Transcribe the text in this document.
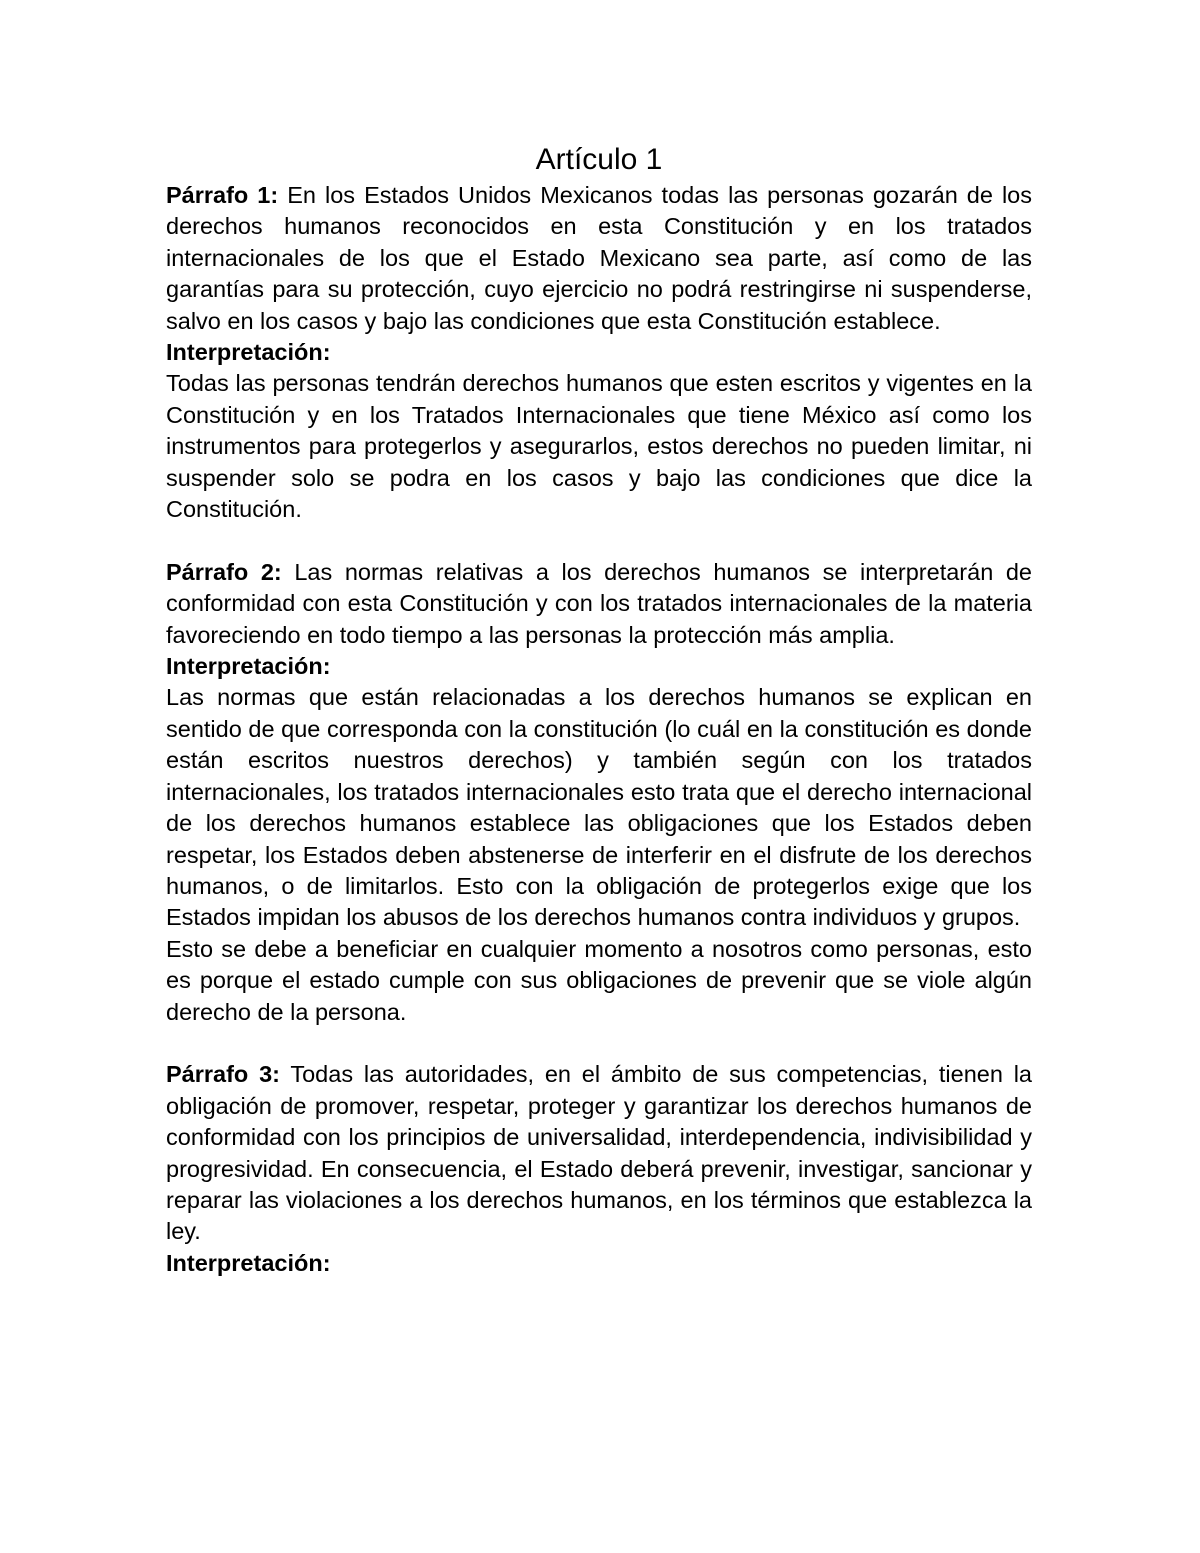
Artículo 1

Párrafo 1: En los Estados Unidos Mexicanos todas las personas gozarán de los derechos humanos reconocidos en esta Constitución y en los tratados internacionales de los que el Estado Mexicano sea parte, así como de las garantías para su protección, cuyo ejercicio no podrá restringirse ni suspenderse, salvo en los casos y bajo las condiciones que esta Constitución establece.

Interpretación:

Todas las personas tendrán derechos humanos que esten escritos y vigentes en la Constitución y en los Tratados Internacionales que tiene México así como los instrumentos para protegerlos y asegurarlos, estos derechos no pueden limitar, ni suspender solo se podra en los casos y bajo las condiciones que dice la Constitución.

Párrafo 2: Las normas relativas a los derechos humanos se interpretarán de conformidad con esta Constitución y con los tratados internacionales de la materia favoreciendo en todo tiempo a las personas la protección más amplia.

Interpretación:

Las normas que están relacionadas a los derechos humanos se explican en sentido de que corresponda con la constitución (lo cuál en la constitución es donde están escritos nuestros derechos) y también según con los tratados internacionales, los tratados internacionales esto trata que el derecho internacional de los derechos humanos establece las obligaciones que los Estados deben respetar, los Estados deben abstenerse de interferir en el disfrute de los derechos humanos, o de limitarlos. Esto con la obligación de protegerlos exige que los Estados impidan los abusos de los derechos humanos contra individuos y grupos.

Esto se debe a beneficiar en cualquier momento a nosotros como personas, esto es porque el estado cumple con sus obligaciones de prevenir que se viole algún derecho de la persona.

Párrafo 3: Todas las autoridades, en el ámbito de sus competencias, tienen la obligación de promover, respetar, proteger y garantizar los derechos humanos de conformidad con los principios de universalidad, interdependencia, indivisibilidad y progresividad. En consecuencia, el Estado deberá prevenir, investigar, sancionar y reparar las violaciones a los derechos humanos, en los términos que establezca la ley.

Interpretación:
